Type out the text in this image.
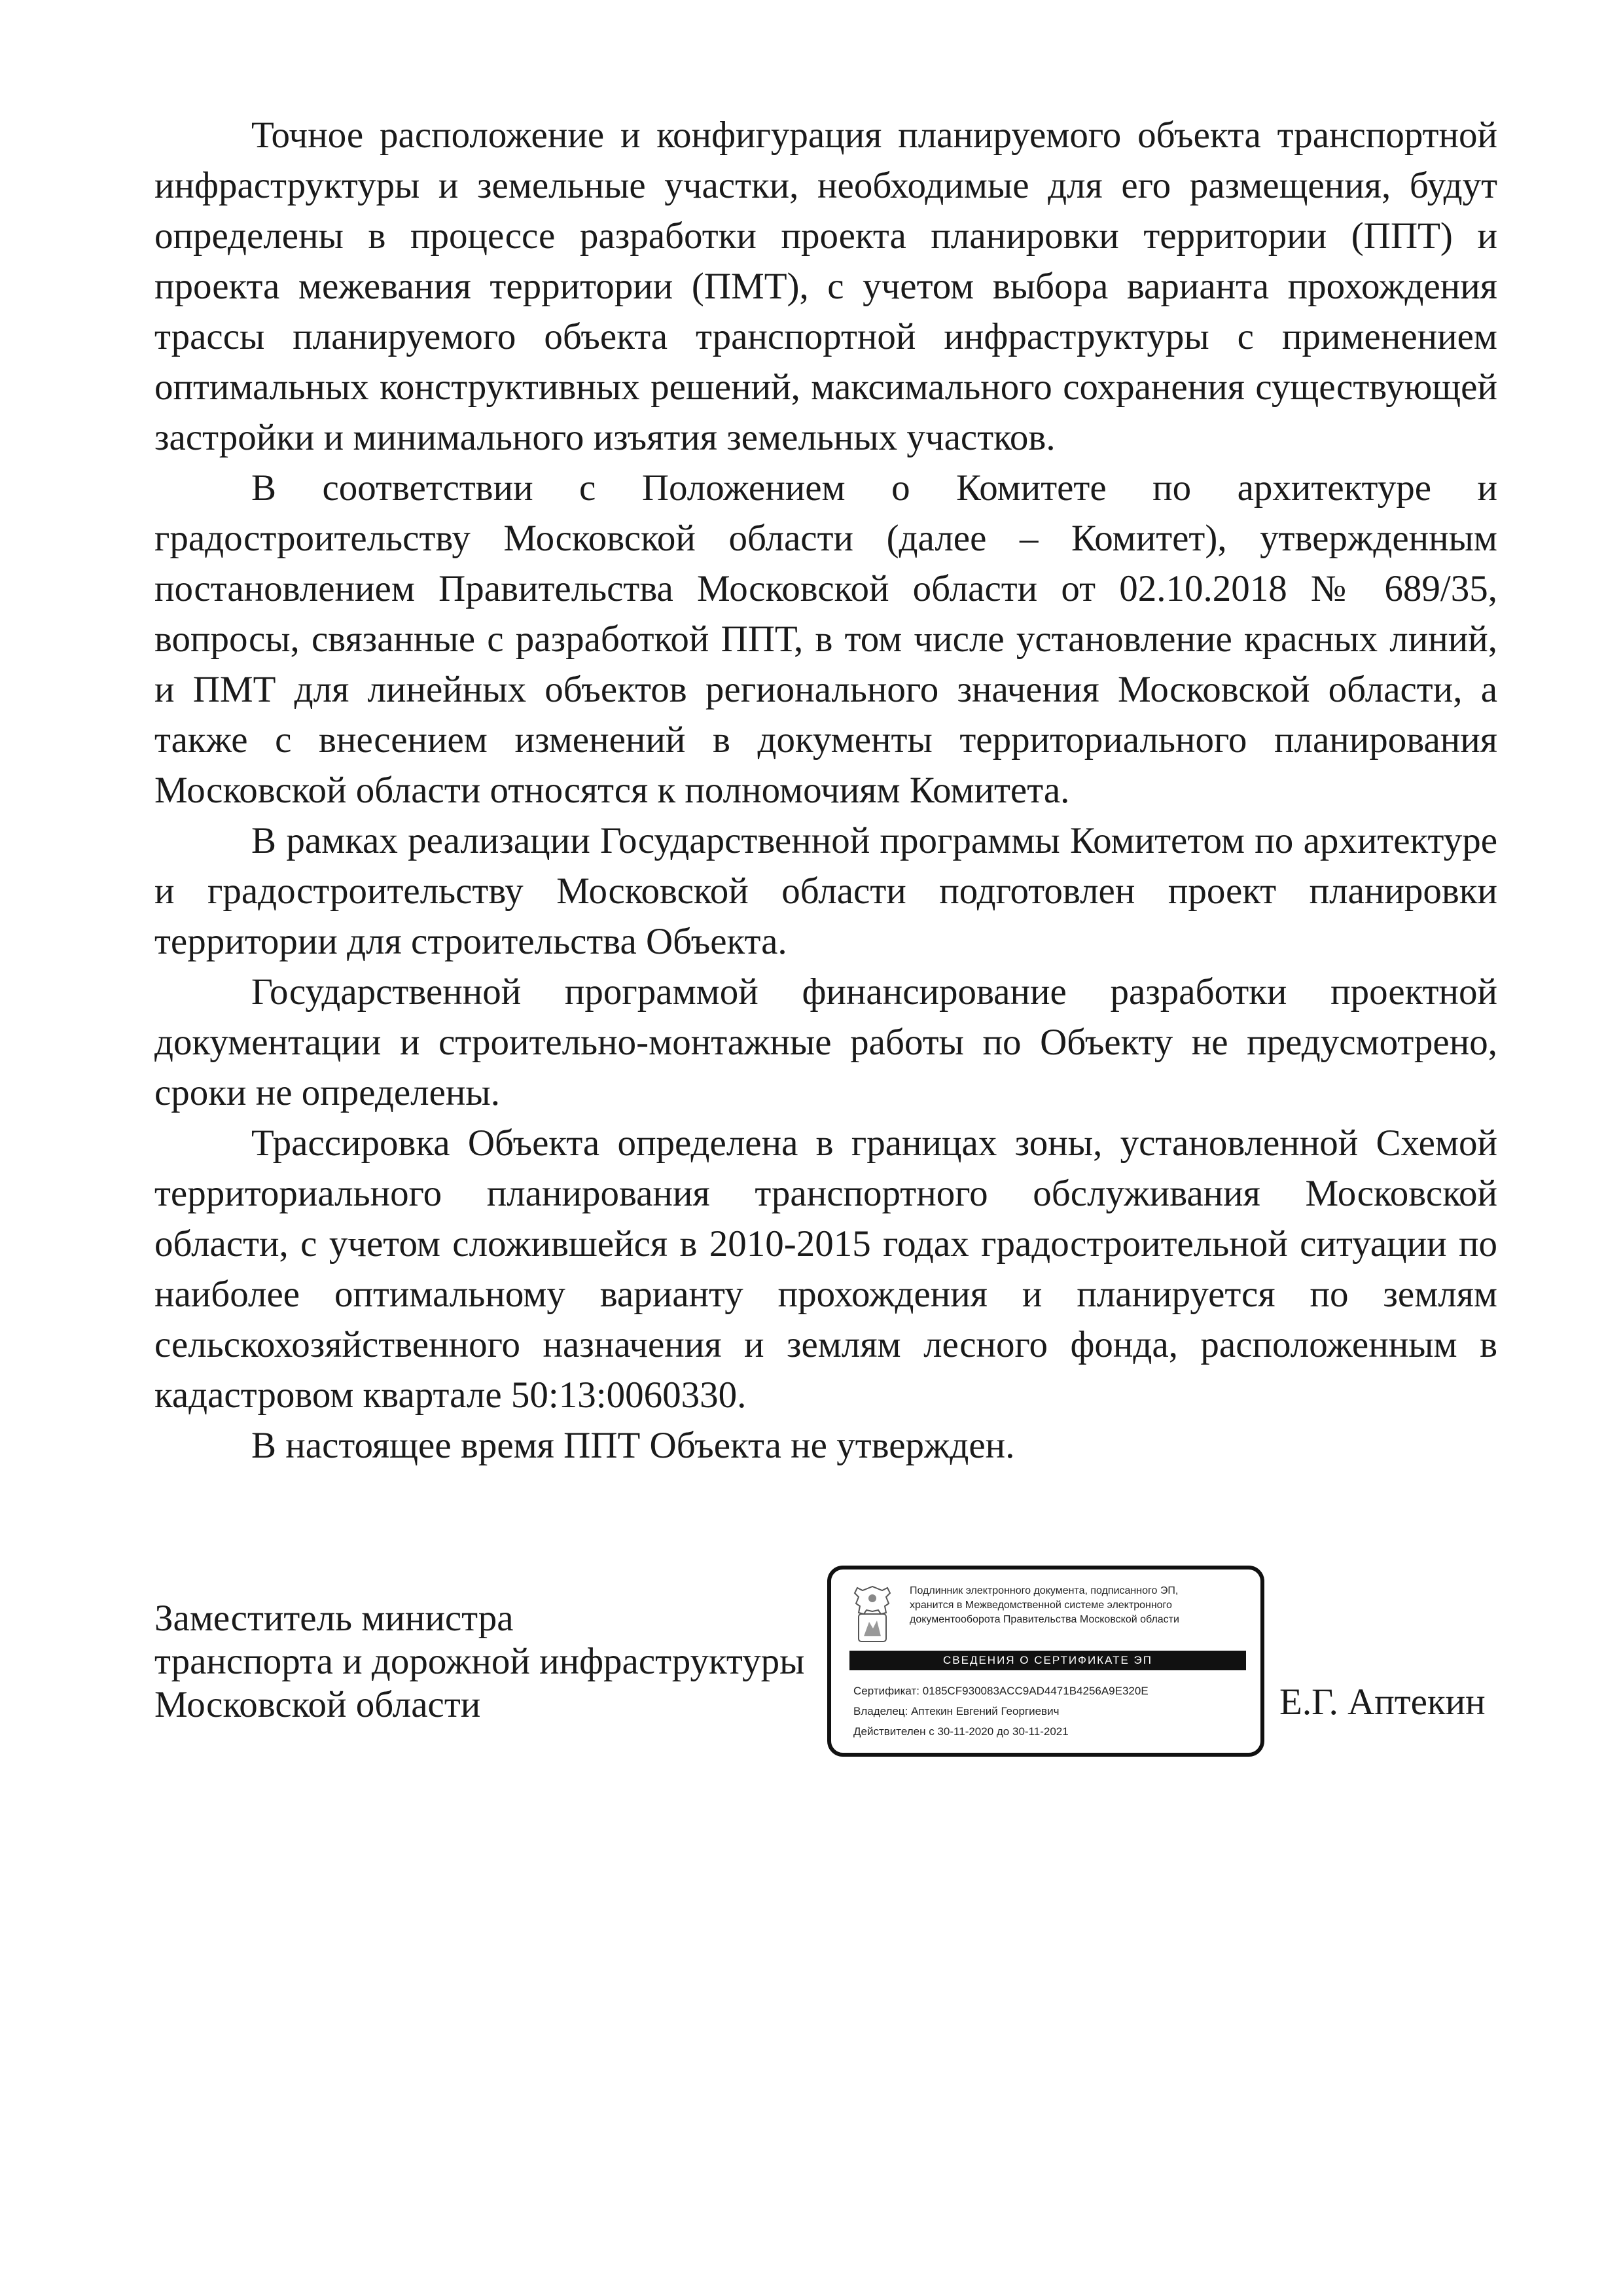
Точное расположение и конфигурация планируемого объекта транспортной инфраструктуры и земельные участки, необходимые для его размещения, будут определены в процессе разработки проекта планировки территории (ППТ) и проекта межевания территории (ПМТ), с учетом выбора варианта прохождения трассы планируемого объекта транспортной инфраструктуры с применением оптимальных конструктивных решений, максимального сохранения существующей застройки и минимального изъятия земельных участков.

В соответствии с Положением о Комитете по архитектуре и градостроительству Московской области (далее – Комитет), утвержденным постановлением Правительства Московской области от 02.10.2018 № 689/35, вопросы, связанные с разработкой ППТ, в том числе установление красных линий, и ПМТ для линейных объектов регионального значения Московской области, а также с внесением изменений в документы территориального планирования Московской области относятся к полномочиям Комитета.

В рамках реализации Государственной программы Комитетом по архитектуре и градостроительству Московской области подготовлен проект планировки территории для строительства Объекта.

Государственной программой финансирование разработки проектной документации и строительно-монтажные работы по Объекту не предусмотрено, сроки не определены.

Трассировка Объекта определена в границах зоны, установленной Схемой территориального планирования транспортного обслуживания Московской области, с учетом сложившейся в 2010-2015 годах градостроительной ситуации по наиболее оптимальному варианту прохождения и планируется по землям сельскохозяйственного назначения и землям лесного фонда, расположенным в кадастровом квартале 50:13:0060330.

В настоящее время ППТ Объекта не утвержден.

Заместитель министра
транспорта и дорожной инфраструктуры
Московской области
Подлинник электронного документа, подписанного ЭП,
хранится в Межведомственной системе электронного
документооборота Правительства Московской области
СВЕДЕНИЯ О СЕРТИФИКАТЕ ЭП
Сертификат: 0185CF930083ACC9AD4471B4256A9E320E
Владелец: Аптекин Евгений Георгиевич
Действителен с 30-11-2020 до 30-11-2021
Е.Г. Аптекин
